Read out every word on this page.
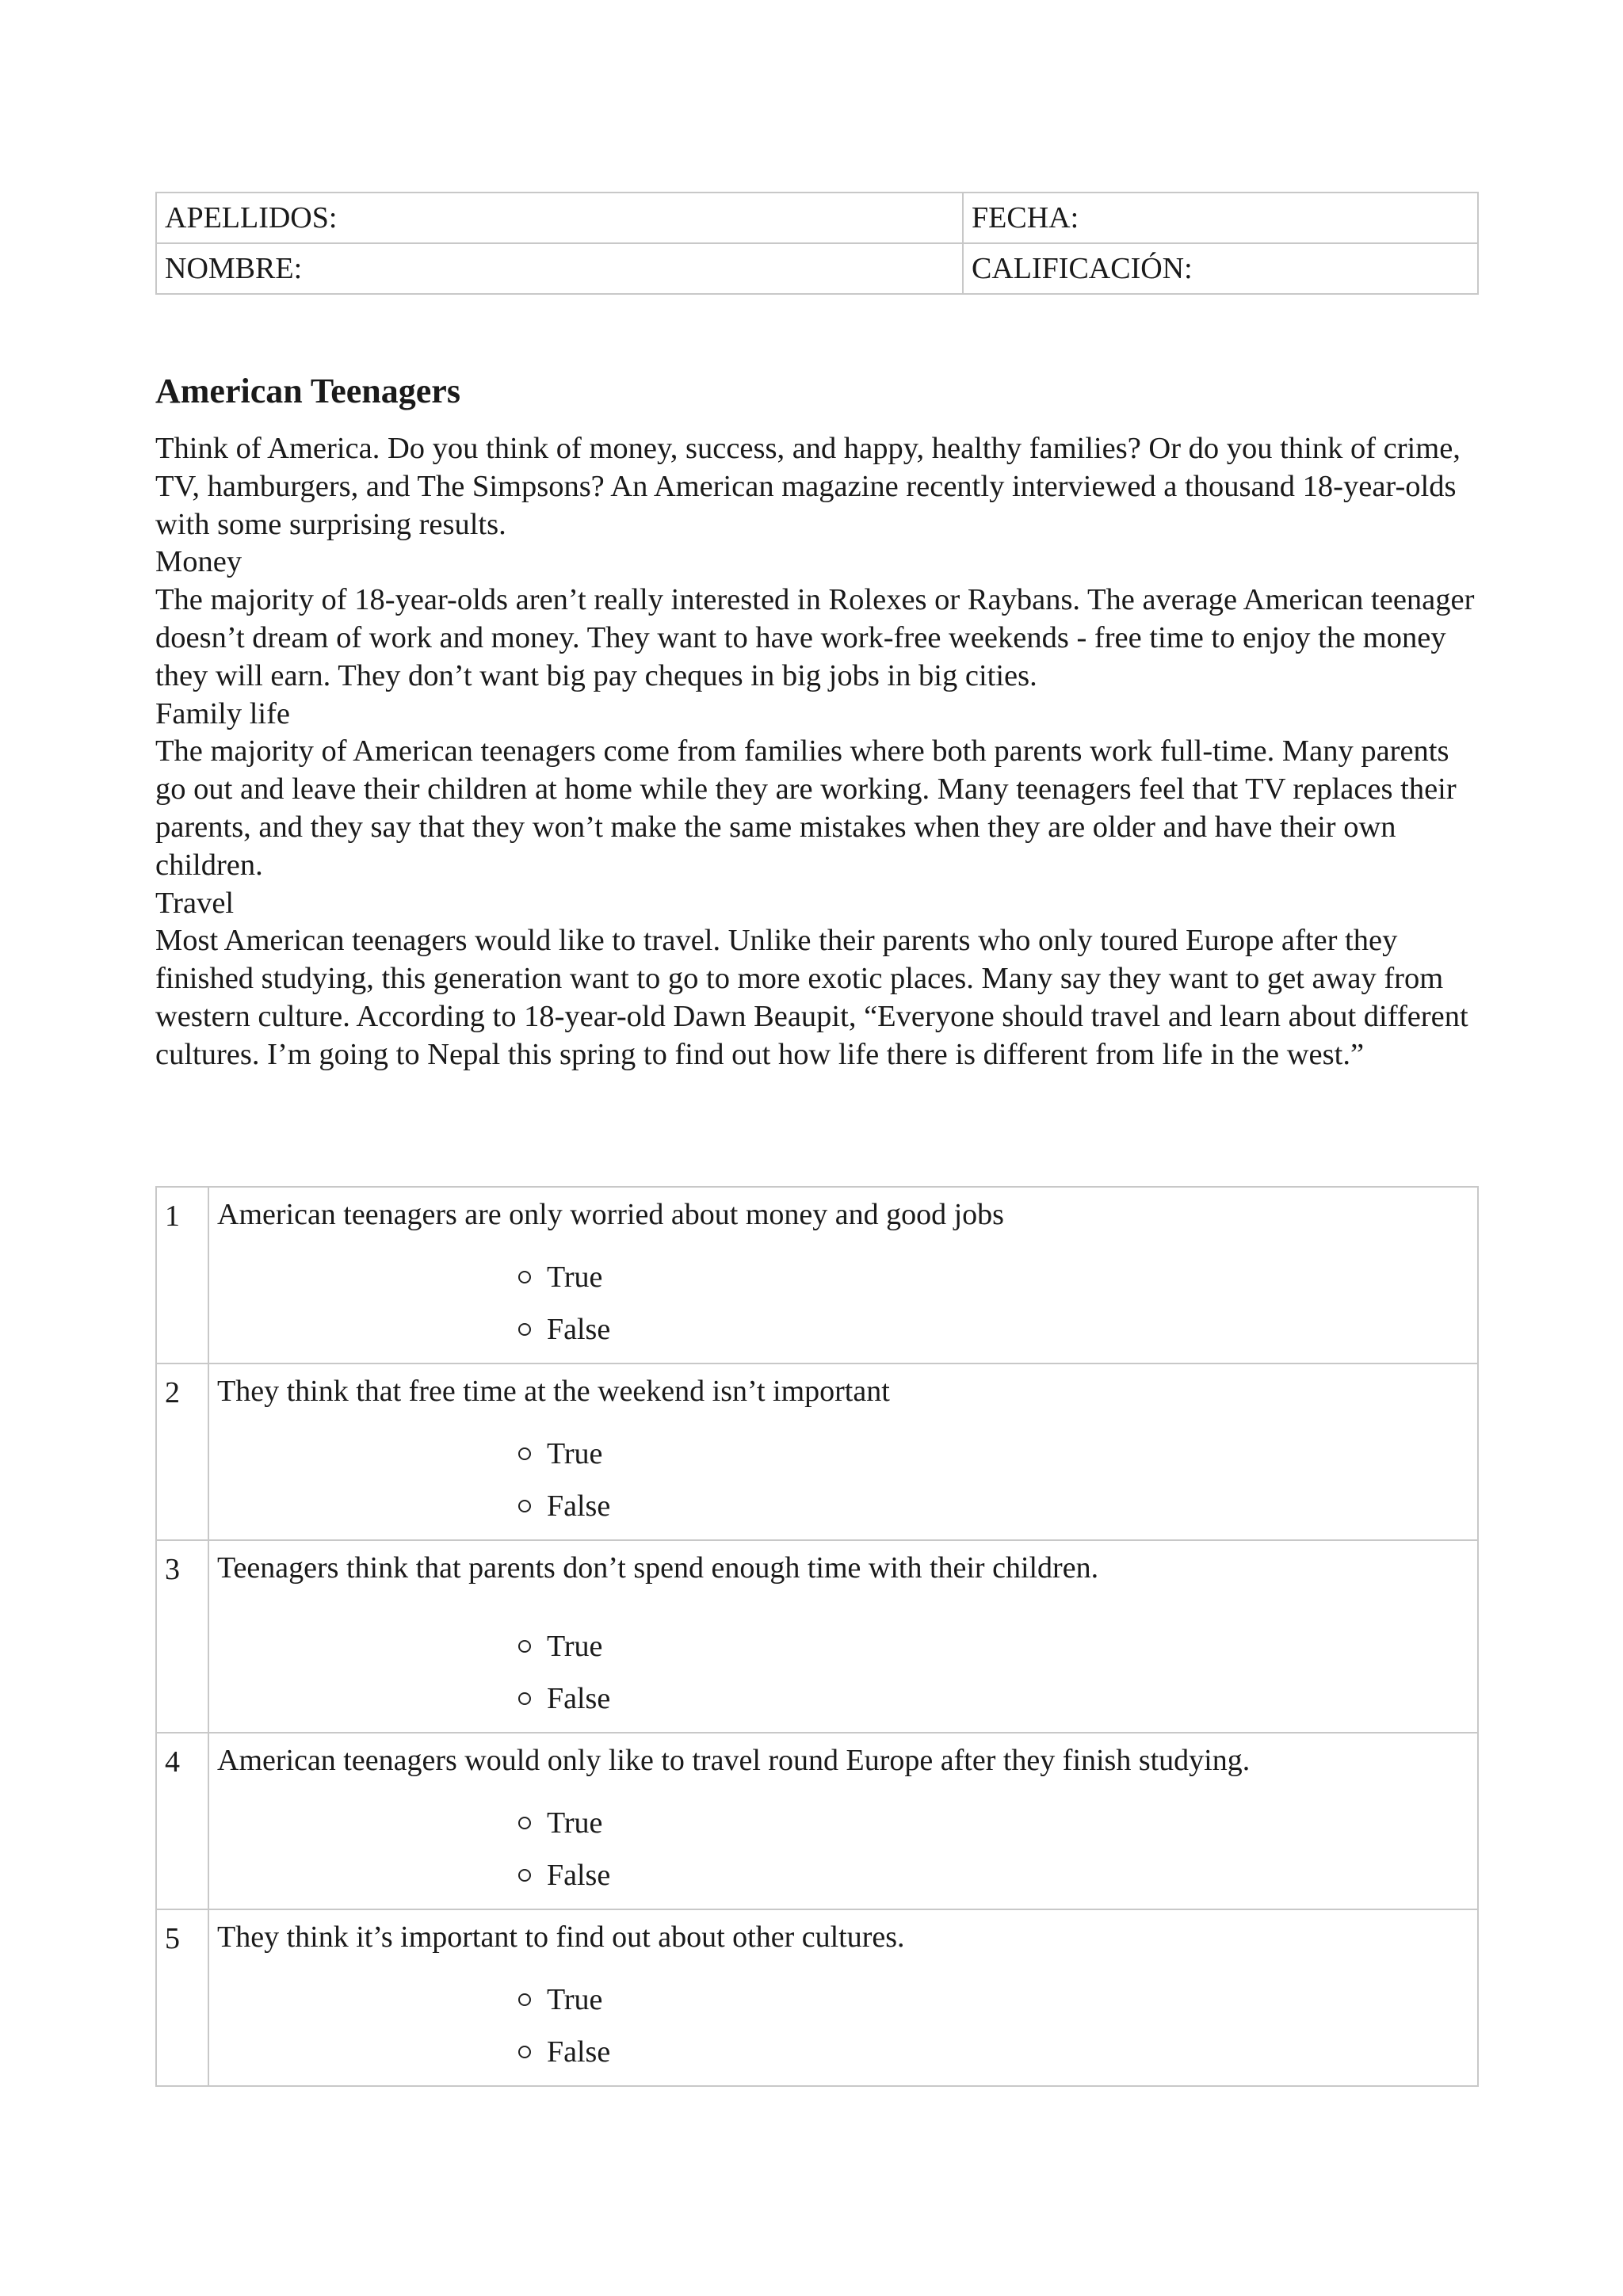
APELLIDOS:	FECHA:
NOMBRE:	CALIFICACIÓN:
American Teenagers

Think of America. Do you think of money, success, and happy, healthy families? Or do you think of crime, TV, hamburgers, and The Simpsons? An American magazine recently interviewed a thousand 18-year-olds with some surprising results.

Money

The majority of 18-year-olds aren’t really interested in Rolexes or Raybans. The average American teenager doesn’t dream of work and money. They want to have work-free weekends - free time to enjoy the money they will earn. They don’t want big pay cheques in big jobs in big cities.

Family life

The majority of American teenagers come from families where both parents work full-time. Many parents go out and leave their children at home while they are working. Many teenagers feel that TV replaces their parents, and they say that they won’t make the same mistakes when they are older and have their own children.

Travel

Most American teenagers would like to travel. Unlike their parents who only toured Europe after they finished studying, this generation want to go to more exotic places. Many say they want to get away from western culture. According to 18-year-old Dawn Beaupit, “Everyone should travel and learn about different cultures. I’m going to Nepal this spring to find out how life there is different from life in the west.”

1	American teenagers are only worried about money and good jobs
True
False

2	They think that free time at the weekend isn’t important
True
False

3	Teenagers think that parents don’t spend enough time with their children.
True
False

4	American teenagers would only like to travel round Europe after they finish studying.
True
False

5	They think it’s important to find out about other cultures.
True
False
